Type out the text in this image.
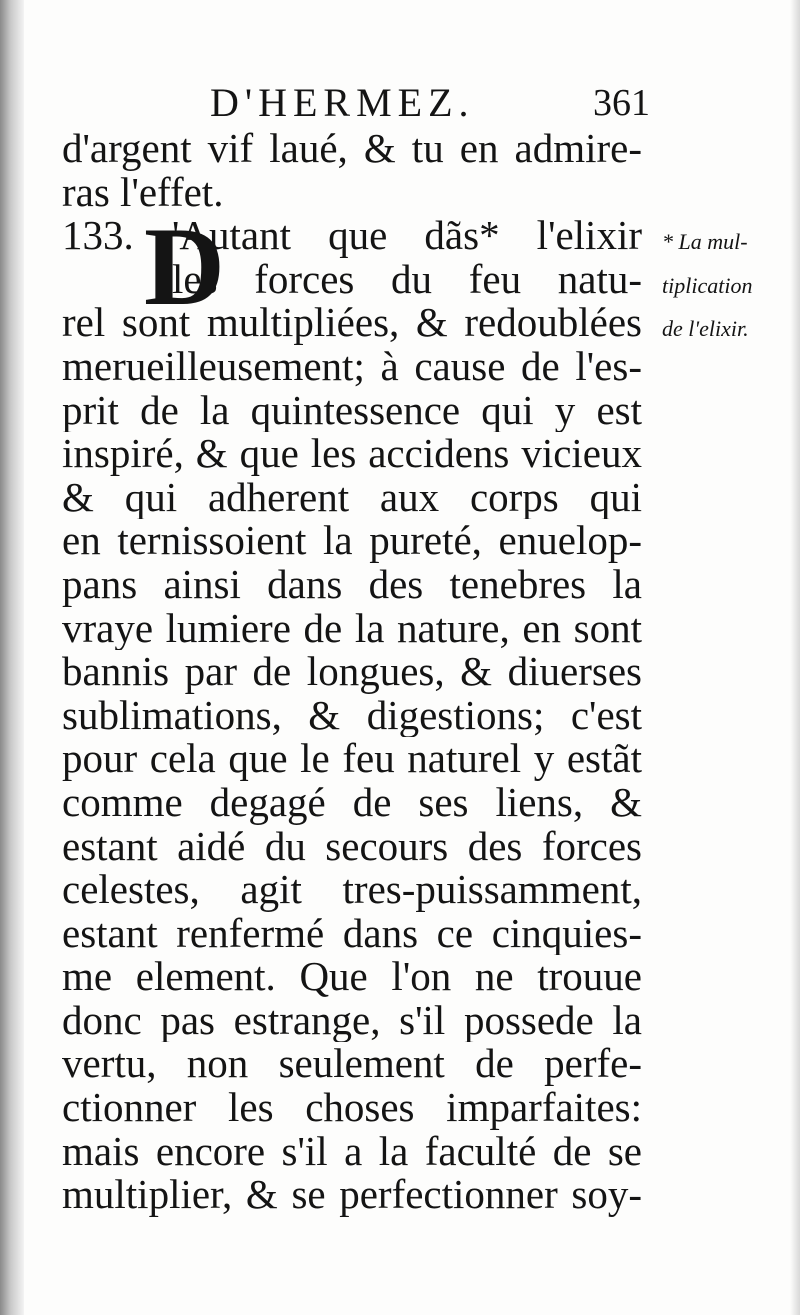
D'HERMEZ.	361
D
d'argent vif laué, & tu en admire-
ras l'effet.
133. 'Autant que dãs* l'elixir
les forces du feu natu-
rel sont multipliées, & redoublées
merueilleusement; à cause de l'es-
prit de la quintessence qui y est
inspiré, & que les accidens vicieux
& qui adherent aux corps qui
en ternissoient la pureté, enuelop-
pans ainsi dans des tenebres la
vraye lumiere de la nature, en sont
bannis par de longues, & diuerses
sublimations, & digestions; c'est
pour cela que le feu naturel y estãt
comme degagé de ses liens, &
estant aidé du secours des forces
celestes, agit tres-puissamment,
estant renfermé dans ce cinquies-
me element. Que l'on ne trouue
donc pas estrange, s'il possede la
vertu, non seulement de perfe-
ctionner les choses imparfaites:
mais encore s'il a la faculté de se
multiplier, & se perfectionner soy-
* La mul-
tiplication
de l'elixir.
